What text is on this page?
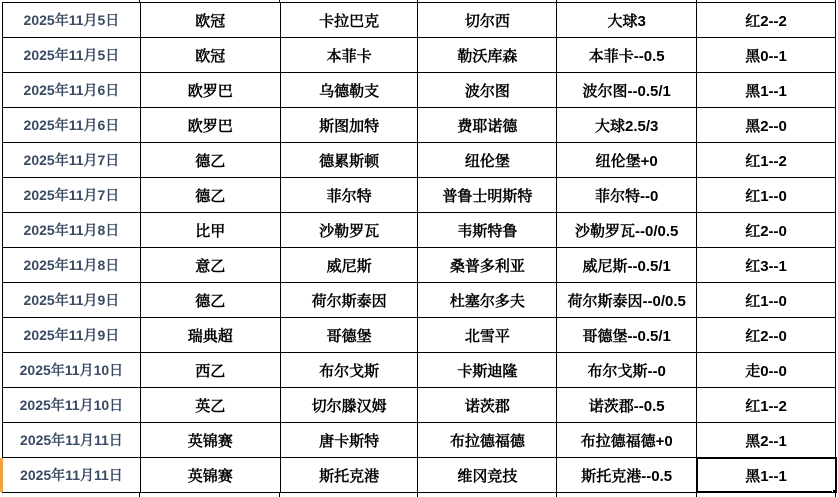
2025年11月5日	欧冠	卡拉巴克	切尔西	大球3	红2--2
2025年11月5日	欧冠	本菲卡	勒沃库森	本菲卡--0.5	黑0--1
2025年11月6日	欧罗巴	乌德勒支	波尔图	波尔图--0.5/1	黑1--1
2025年11月6日	欧罗巴	斯图加特	费耶诺德	大球2.5/3	黑2--0
2025年11月7日	德乙	德累斯顿	纽伦堡	纽伦堡+0	红1--2
2025年11月7日	德乙	菲尔特	普鲁士明斯特	菲尔特--0	红1--0
2025年11月8日	比甲	沙勒罗瓦	韦斯特鲁	沙勒罗瓦--0/0.5	红2--0
2025年11月8日	意乙	威尼斯	桑普多利亚	威尼斯--0.5/1	红3--1
2025年11月9日	德乙	荷尔斯泰因	杜塞尔多夫	荷尔斯泰因--0/0.5	红1--0
2025年11月9日	瑞典超	哥德堡	北雪平	哥德堡--0.5/1	红2--0
2025年11月10日	西乙	布尔戈斯	卡斯迪隆	布尔戈斯--0	走0--0
2025年11月10日	英乙	切尔滕汉姆	诺茨郡	诺茨郡--0.5	红1--2
2025年11月11日	英锦赛	唐卡斯特	布拉德福德	布拉德福德+0	黑2--1
2025年11月11日	英锦赛	斯托克港	维冈竞技	斯托克港--0.5	黑1--1
